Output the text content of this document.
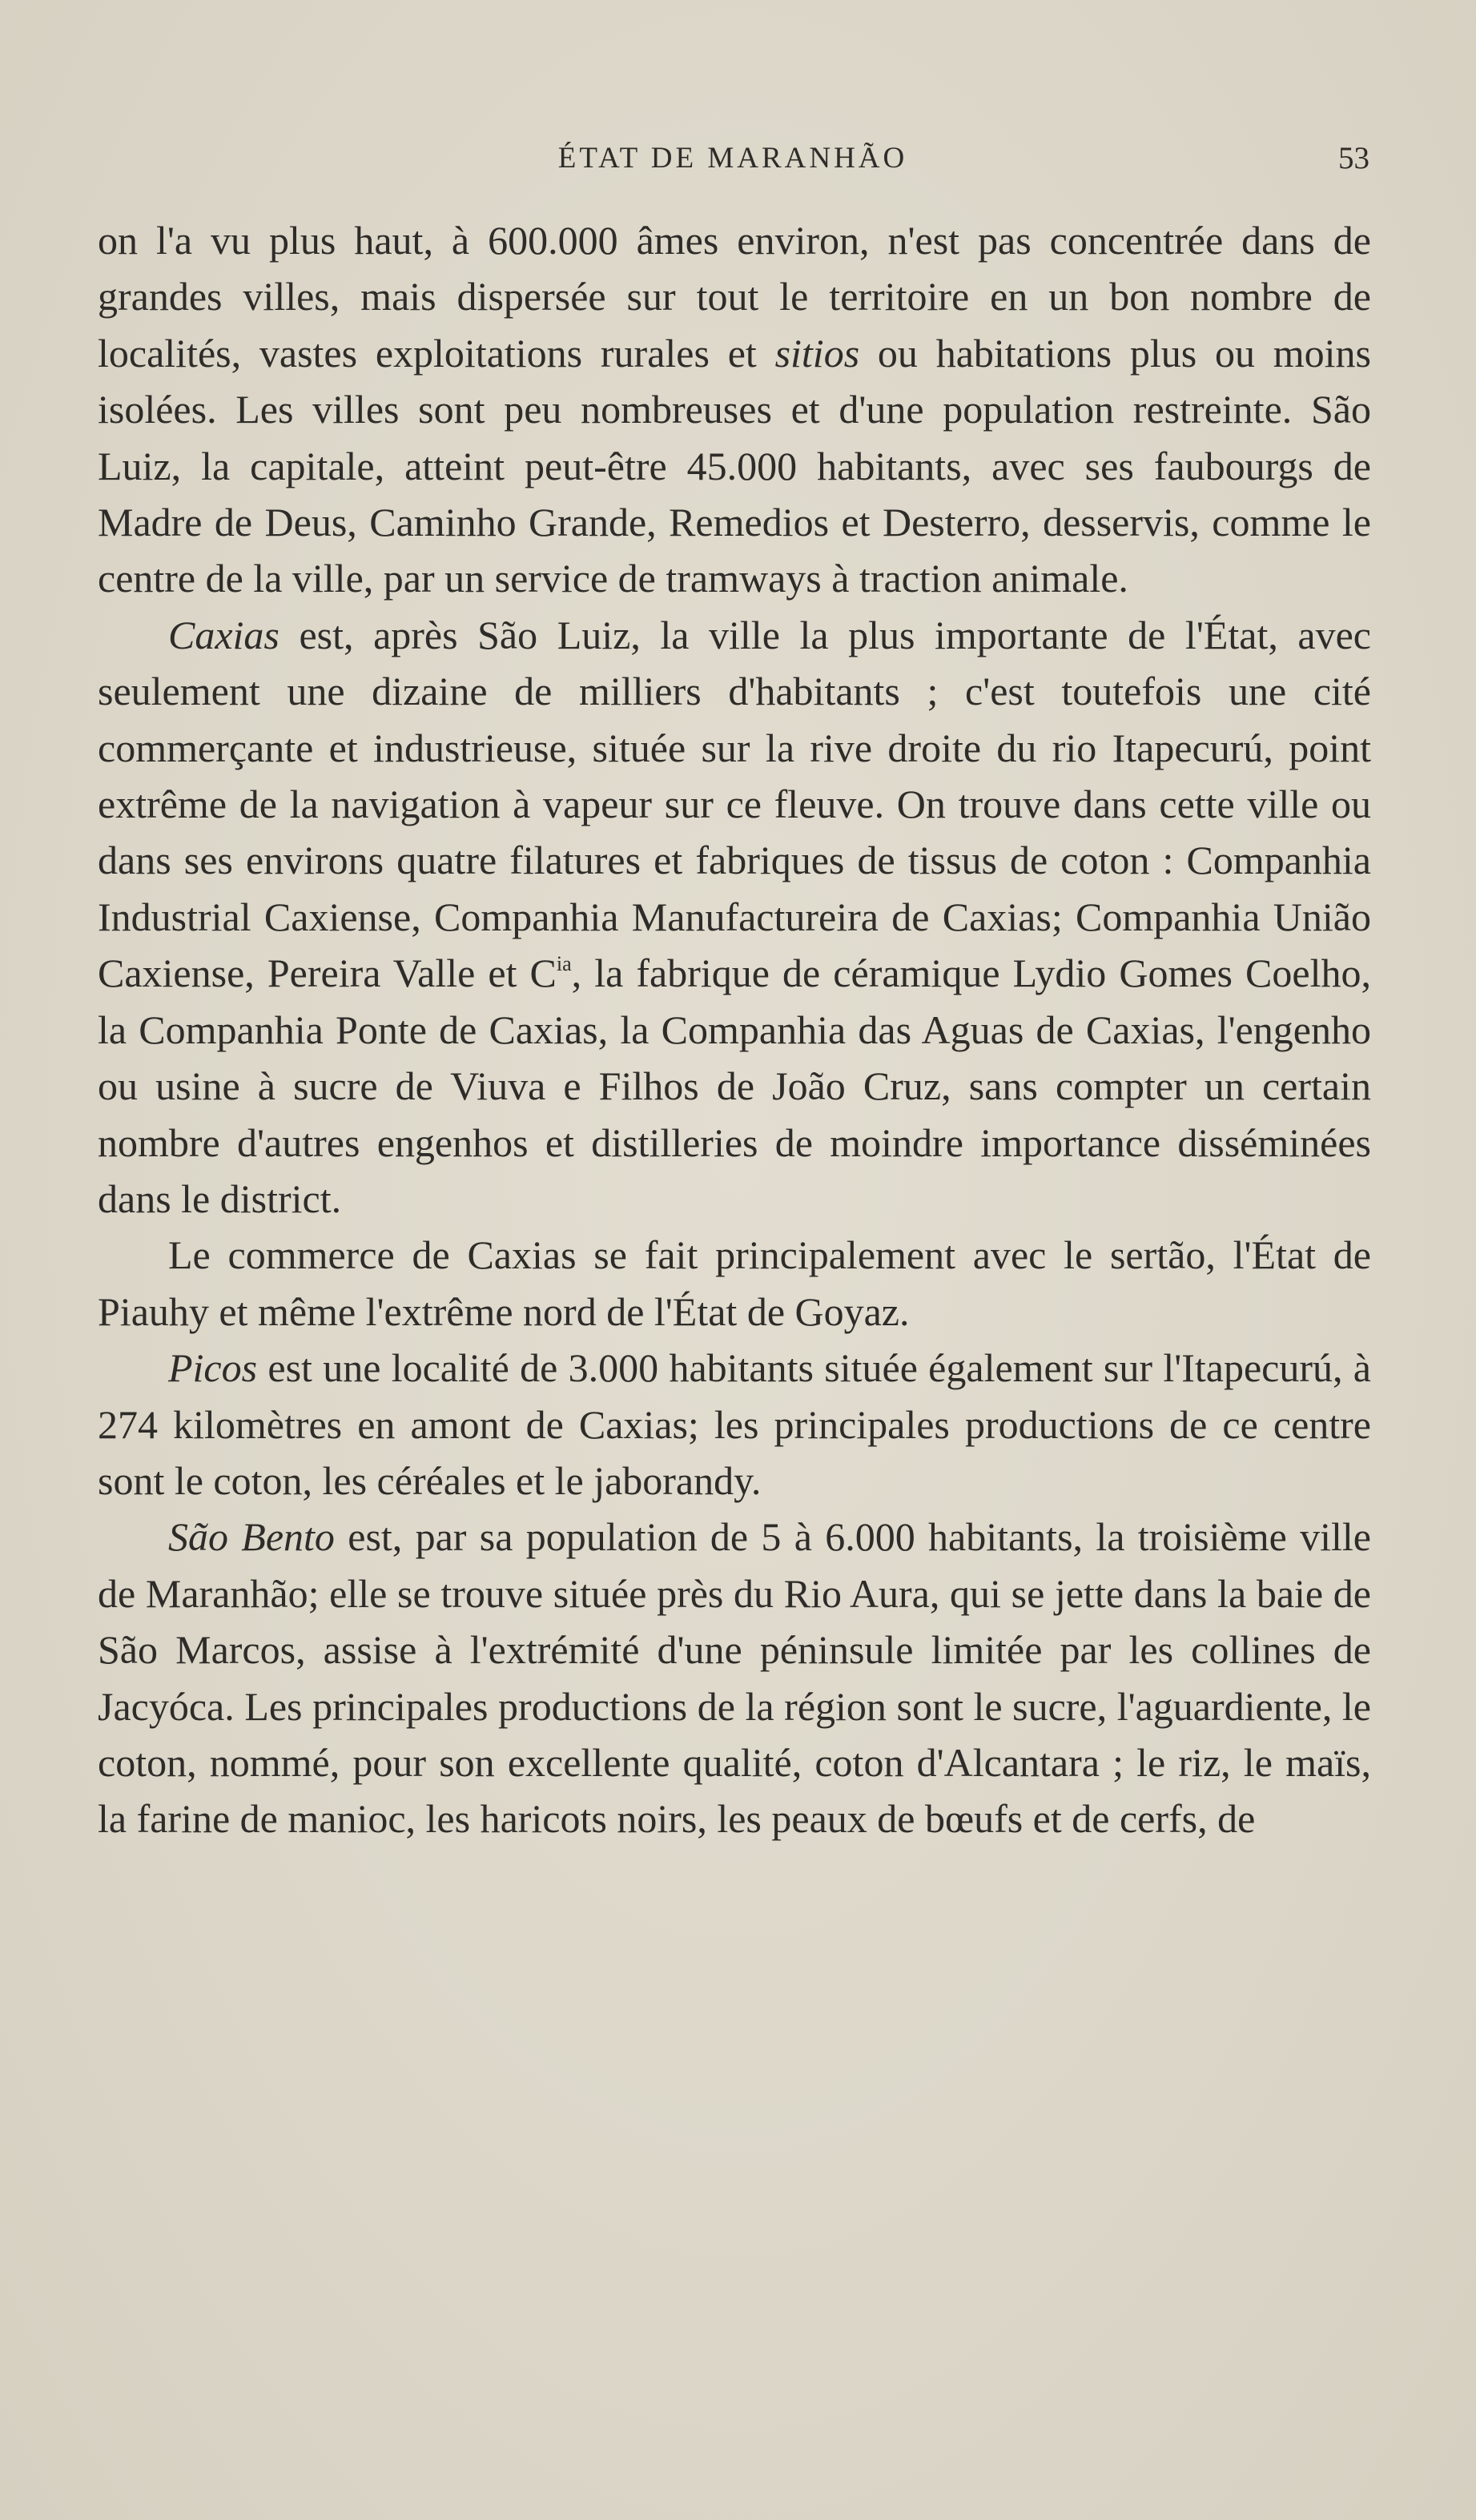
ÉTAT DE MARANHÃO	53

on l'a vu plus haut, à 600.000 âmes environ, n'est pas concentrée dans de grandes villes, mais dispersée sur tout le territoire en un bon nombre de localités, vastes exploitations rurales et sitios ou habitations plus ou moins isolées. Les villes sont peu nombreuses et d'une population restreinte. São Luiz, la capitale, atteint peut-être 45.000 habitants, avec ses faubourgs de Madre de Deus, Caminho Grande, Remedios et Desterro, desservis, comme le centre de la ville, par un service de tramways à traction animale.

Caxias est, après São Luiz, la ville la plus importante de l'État, avec seulement une dizaine de milliers d'habitants ; c'est toutefois une cité commerçante et industrieuse, située sur la rive droite du rio Itapecurú, point extrême de la navigation à vapeur sur ce fleuve. On trouve dans cette ville ou dans ses environs quatre filatures et fabriques de tissus de coton : Companhia Industrial Caxiense, Companhia Manufactureira de Caxias; Companhia União Caxiense, Pereira Valle et $C^{ia}$, la fabrique de céramique Lydio Gomes Coelho, la Companhia Ponte de Caxias, la Companhia das Aguas de Caxias, l'engenho ou usine à sucre de Viuva e Filhos de João Cruz, sans compter un certain nombre d'autres engenhos et distilleries de moindre importance disséminées dans le district.

Le commerce de Caxias se fait principalement avec le sertão, l'État de Piauhy et même l'extrême nord de l'État de Goyaz.

Picos est une localité de 3.000 habitants située également sur l'Itapecurú, à 274 kilomètres en amont de Caxias; les principales productions de ce centre sont le coton, les céréales et le jaborandy.

São Bento est, par sa population de 5 à 6.000 habitants, la troisième ville de Maranhão; elle se trouve située près du Rio Aura, qui se jette dans la baie de São Marcos, assise à l'extrémité d'une péninsule limitée par les collines de Jacyóca. Les principales productions de la région sont le sucre, l'aguardiente, le coton, nommé, pour son excellente qualité, coton d'Alcantara ; le riz, le maïs, la farine de manioc, les haricots noirs, les peaux de bœufs et de cerfs, de
